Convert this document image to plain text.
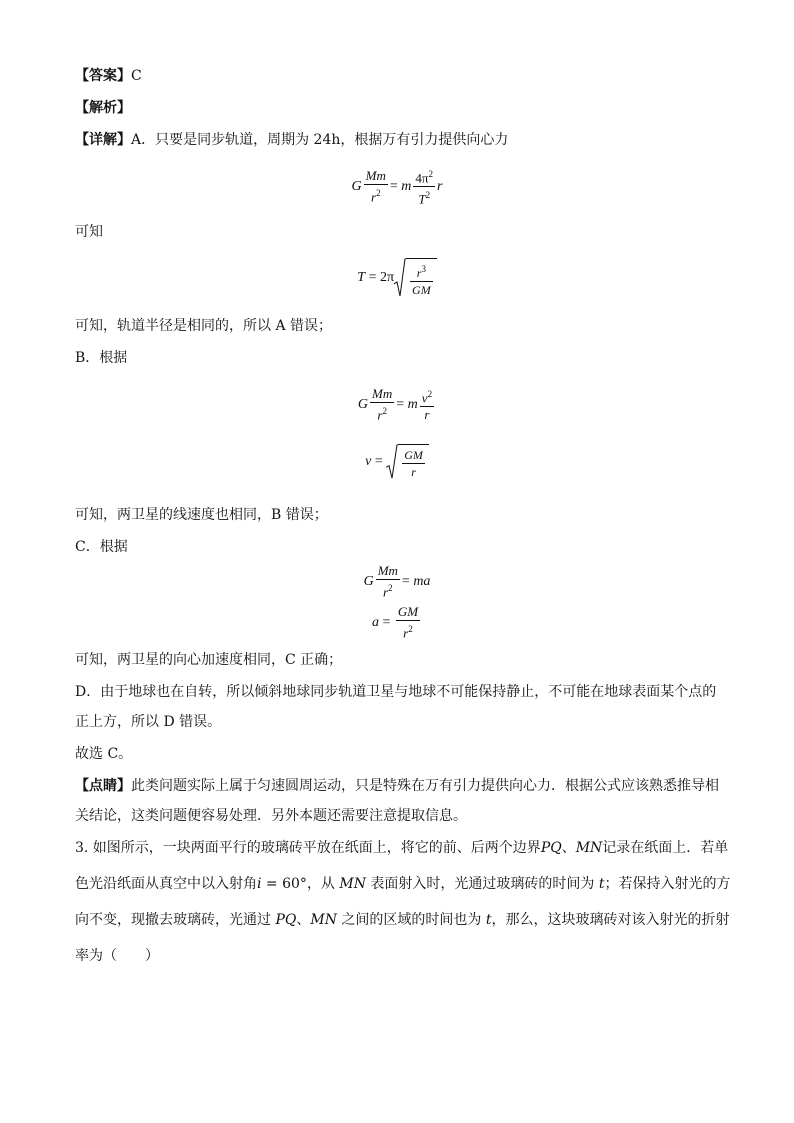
【答案】C
【解析】
【详解】A．只要是同步轨道，周期为 24h，根据万有引力提供向心力
G $\frac{Mm}{r^2} = m \frac{4\pi^2}{T^2}$ r
可知
$T = 2\pi \frac{r^3}{GM}$
可知，轨道半径是相同的，所以 A 错误；
B．根据
G $\frac{Mm}{r^2} = m \frac{v^2}{r}$
$v = \frac{GM}{r}$
可知，两卫星的线速度也相同，B 错误；
C．根据
G $\frac{Mm}{r^2}$ = ma
$a = \frac{GM}{r^2}$
可知，两卫星的向心加速度相同，C 正确；
D．由于地球也在自转，所以倾斜地球同步轨道卫星与地球不可能保持静止，不可能在地球表面某个点的
正上方，所以 D 错误。
故选 C。
【点睛】此类问题实际上属于匀速圆周运动，只是特殊在万有引力提供向心力．根据公式应该熟悉推导相
关结论，这类问题便容易处理．另外本题还需要注意提取信息。
3. 如图所示，一块两面平行的玻璃砖平放在纸面上，将它的前、后两个边界PQ、MN记录在纸面上．若单
色光沿纸面从真空中以入射角i = 60°，从 MN 表面射入时，光通过玻璃砖的时间为 t；若保持入射光的方
向不变，现撤去玻璃砖，光通过 PQ、MN 之间的区域的时间也为 t，那么，这块玻璃砖对该入射光的折射
率为（　　）
